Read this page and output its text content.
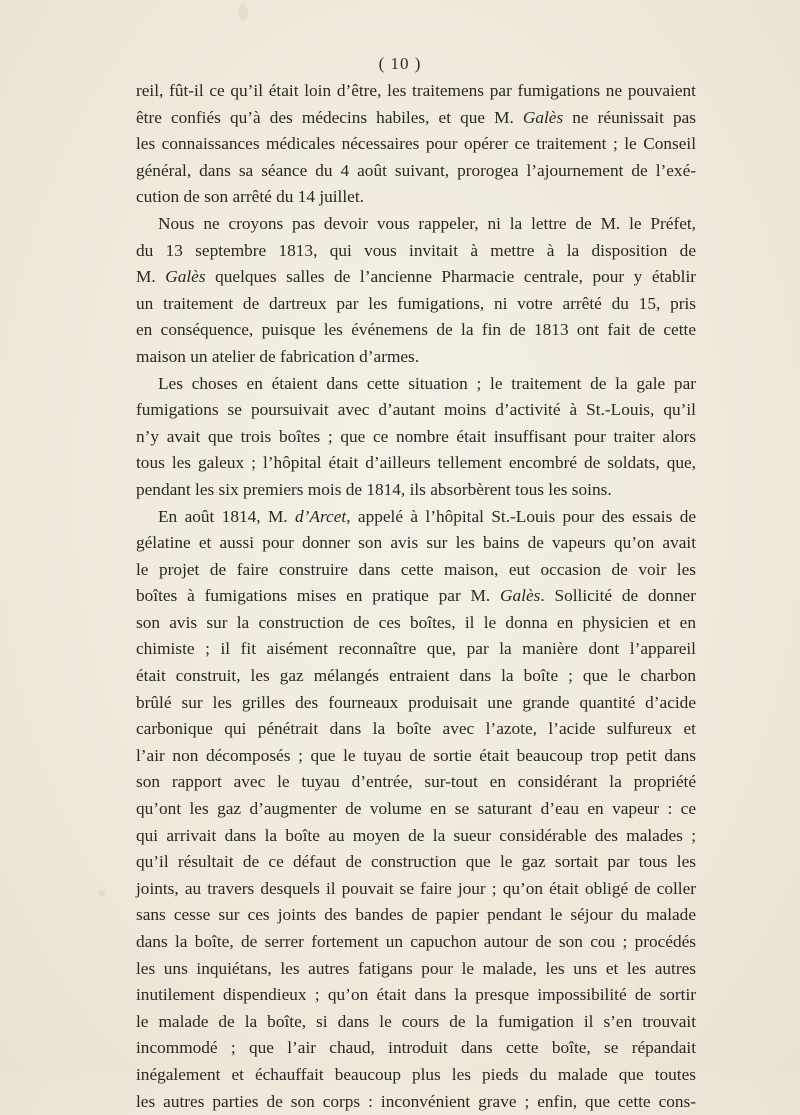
( 10 )
reil, fût-il ce qu’il était loin d’être, les traitemens par fumigations ne pouvaient
être confiés qu’à des médecins habiles, et que M. Galès ne réunissait pas
les connaissances médicales nécessaires pour opérer ce traitement ; le Conseil
général, dans sa séance du 4 août suivant, prorogea l’ajournement de l’exé-
cution de son arrêté du 14 juillet.
Nous ne croyons pas devoir vous rappeler, ni la lettre de M. le Préfet,
du 13 septembre 1813, qui vous invitait à mettre à la disposition de
M. Galès quelques salles de l’ancienne Pharmacie centrale, pour y établir
un traitement de dartreux par les fumigations, ni votre arrêté du 15, pris
en conséquence, puisque les événemens de la fin de 1813 ont fait de cette
maison un atelier de fabrication d’armes.
Les choses en étaient dans cette situation ; le traitement de la gale par
fumigations se poursuivait avec d’autant moins d’activité à St.-Louis, qu’il
n’y avait que trois boîtes ; que ce nombre était insuffisant pour traiter alors
tous les galeux ; l’hôpital était d’ailleurs tellement encombré de soldats, que,
pendant les six premiers mois de 1814, ils absorbèrent tous les soins.
En août 1814, M. d’Arcet, appelé à l’hôpital St.-Louis pour des essais de
gélatine et aussi pour donner son avis sur les bains de vapeurs qu’on avait
le projet de faire construire dans cette maison, eut occasion de voir les
boîtes à fumigations mises en pratique par M. Galès. Sollicité de donner
son avis sur la construction de ces boîtes, il le donna en physicien et en
chimiste ; il fit aisément reconnaître que, par la manière dont l’appareil
était construit, les gaz mélangés entraient dans la boîte ; que le charbon
brûlé sur les grilles des fourneaux produisait une grande quantité d’acide
carbonique qui pénétrait dans la boîte avec l’azote, l’acide sulfureux et
l’air non décomposés ; que le tuyau de sortie était beaucoup trop petit dans
son rapport avec le tuyau d’entrée, sur-tout en considérant la propriété
qu’ont les gaz d’augmenter de volume en se saturant d’eau en vapeur : ce
qui arrivait dans la boîte au moyen de la sueur considérable des malades ;
qu’il résultait de ce défaut de construction que le gaz sortait par tous les
joints, au travers desquels il pouvait se faire jour ; qu’on était obligé de coller
sans cesse sur ces joints des bandes de papier pendant le séjour du malade
dans la boîte, de serrer fortement un capuchon autour de son cou ; procédés
les uns inquiétans, les autres fatigans pour le malade, les uns et les autres
inutilement dispendieux ; qu’on était dans la presque impossibilité de sortir
le malade de la boîte, si dans le cours de la fumigation il s’en trouvait
incommodé ; que l’air chaud, introduit dans cette boîte, se répandait
inégalement et échauffait beaucoup plus les pieds du malade que toutes
les autres parties de son corps : inconvénient grave ; enfin, que cette cons-
